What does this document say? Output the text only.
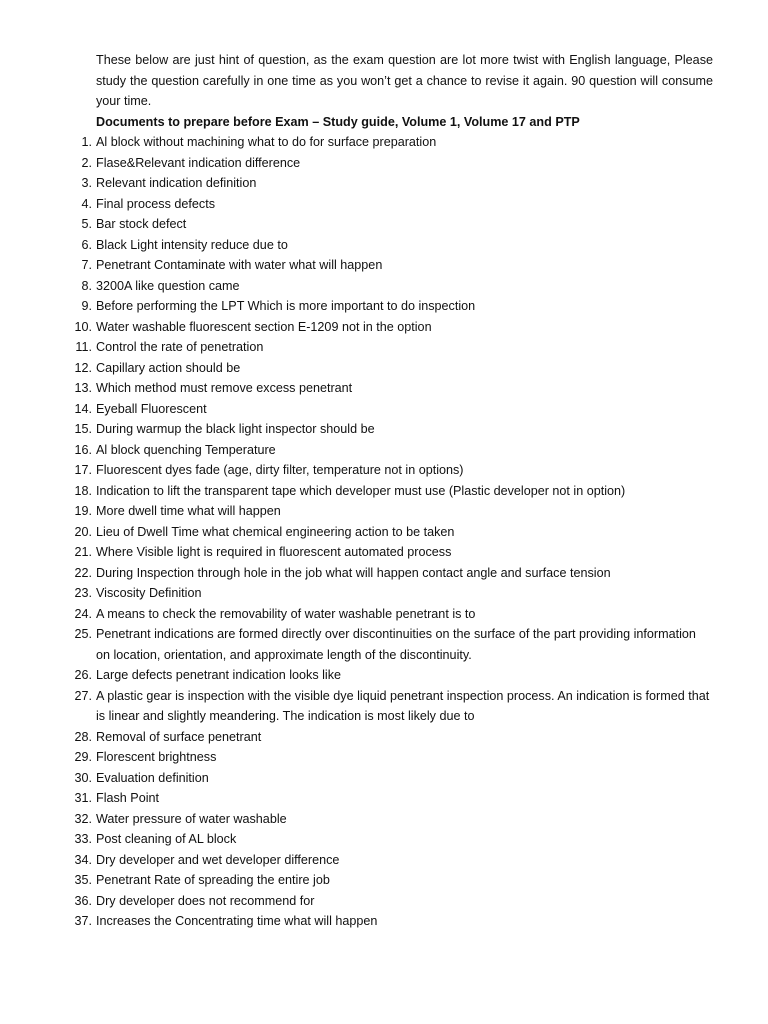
These below are just hint of question, as the exam question are lot more twist with English language, Please study the question carefully in one time as you won’t get a chance to revise it again. 90 question will consume your time.

Documents to prepare before Exam – Study guide, Volume 1, Volume 17 and PTP

1. Al block without machining what to do for surface preparation
2. Flase&Relevant indication difference
3. Relevant indication definition
4. Final process defects
5. Bar stock defect
6. Black Light intensity reduce due to
7. Penetrant Contaminate with water what will happen
8. 3200A like question came
9. Before performing the LPT Which is more important to do inspection
10. Water washable fluorescent section E-1209 not in the option
11. Control the rate of penetration
12. Capillary action should be
13. Which method must remove excess penetrant
14. Eyeball Fluorescent
15. During warmup the black light inspector should be
16. Al block quenching Temperature
17. Fluorescent dyes fade (age, dirty filter, temperature not in options)
18. Indication to lift the transparent tape which developer must use (Plastic developer not in option)
19. More dwell time what will happen
20. Lieu of Dwell Time what chemical engineering action to be taken
21. Where Visible light is required in fluorescent automated process
22. During Inspection through hole in the job what will happen contact angle and surface tension
23. Viscosity Definition
24. A means to check the removability of water washable penetrant is to
25. Penetrant indications are formed directly over discontinuities on the surface of the part providing information on location, orientation, and approximate length of the discontinuity.
26. Large defects penetrant indication looks like
27. A plastic gear is inspection with the visible dye liquid penetrant inspection process. An indication is formed that is linear and slightly meandering. The indication is most likely due to
28. Removal of surface penetrant
29. Florescent brightness
30. Evaluation definition
31. Flash Point
32. Water pressure of water washable
33. Post cleaning of AL block
34. Dry developer and wet developer difference
35. Penetrant Rate of spreading the entire job
36. Dry developer does not recommend for
37. Increases the Concentrating time what will happen
